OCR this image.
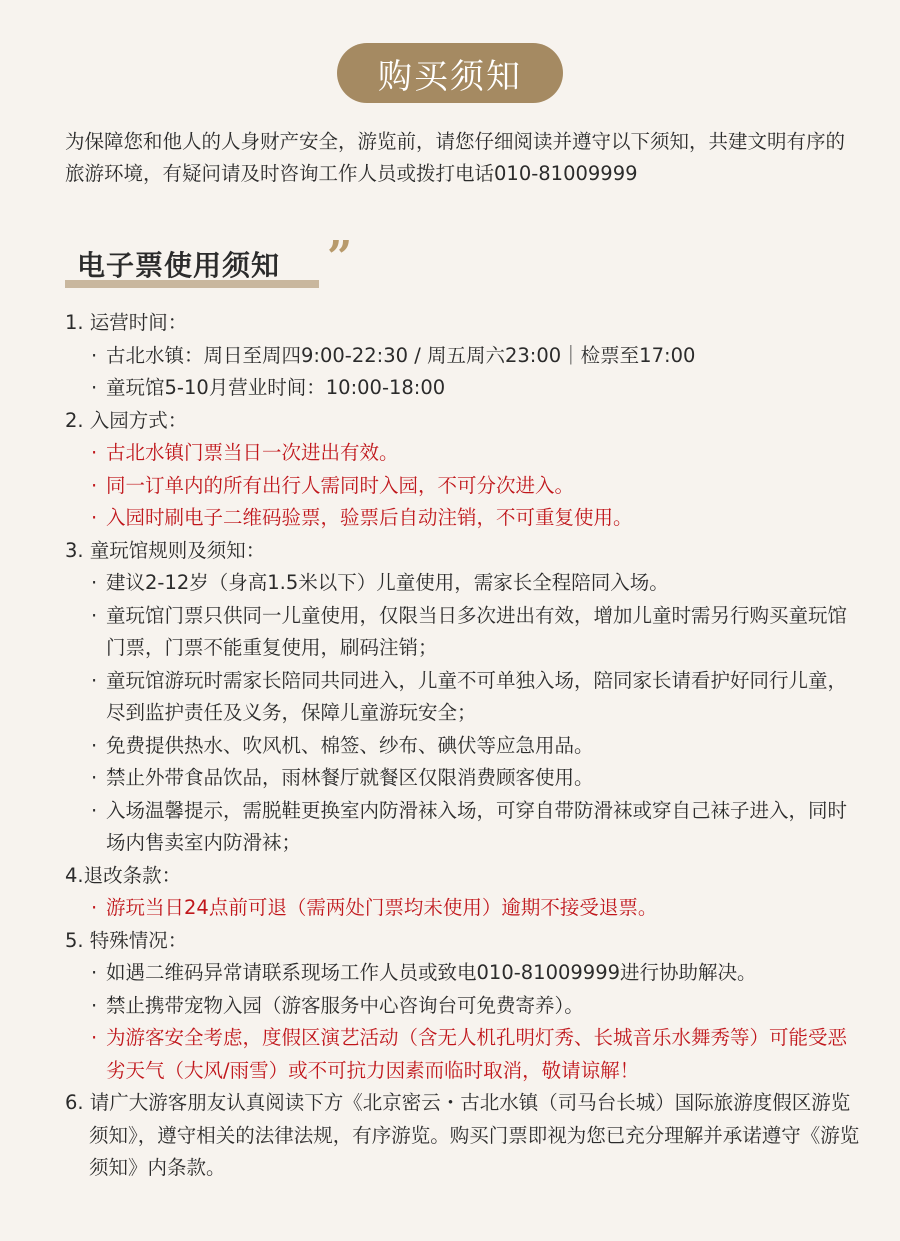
购买须知

为保障您和他人的人身财产安全，游览前，请您仔细阅读并遵守以下须知，共建文明有序的旅游环境，有疑问请及时咨询工作人员或拨打电话010-81009999

电子票使用须知 ”

1. 运营时间：

· 古北水镇：周日至周四9:00-22:30 / 周五周六23:00｜检票至17:00

· 童玩馆5-10月营业时间：10:00-18:00

2. 入园方式：

· 古北水镇门票当日一次进出有效。

· 同一订单内的所有出行人需同时入园，不可分次进入。

· 入园时刷电子二维码验票，验票后自动注销，不可重复使用。

3. 童玩馆规则及须知：

· 建议2-12岁（身高1.5米以下）儿童使用，需家长全程陪同入场。

· 童玩馆门票只供同一儿童使用，仅限当日多次进出有效，增加儿童时需另行购买童玩馆门票，门票不能重复使用，刷码注销；

· 童玩馆游玩时需家长陪同共同进入，儿童不可单独入场，陪同家长请看护好同行儿童，尽到监护责任及义务，保障儿童游玩安全；

· 免费提供热水、吹风机、棉签、纱布、碘伏等应急用品。

· 禁止外带食品饮品，雨林餐厅就餐区仅限消费顾客使用。

· 入场温馨提示，需脱鞋更换室内防滑袜入场，可穿自带防滑袜或穿自己袜子进入，同时场内售卖室内防滑袜；

4.退改条款：

· 游玩当日24点前可退（需两处门票均未使用）逾期不接受退票。

5. 特殊情况：

· 如遇二维码异常请联系现场工作人员或致电010-81009999进行协助解决。

· 禁止携带宠物入园（游客服务中心咨询台可免费寄养）。

· 为游客安全考虑，度假区演艺活动（含无人机孔明灯秀、长城音乐水舞秀等）可能受恶劣天气（大风/雨雪）或不可抗力因素而临时取消，敬请谅解！

6. 请广大游客朋友认真阅读下方《北京密云・古北水镇（司马台长城）国际旅游度假区游览须知》，遵守相关的法律法规，有序游览。购买门票即视为您已充分理解并承诺遵守《游览须知》内条款。
